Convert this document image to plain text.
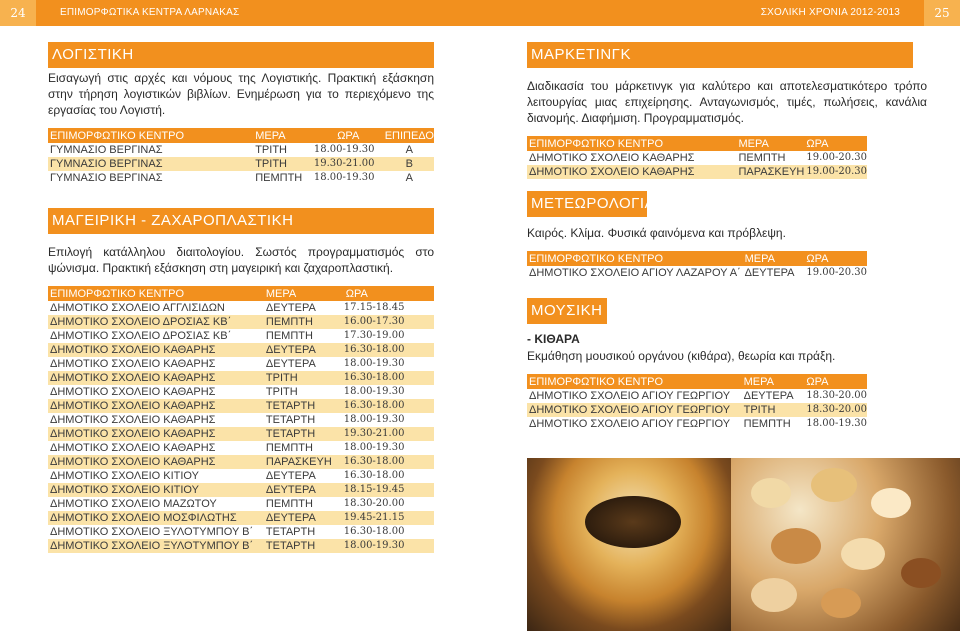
24	ΕΠΙΜΟΡΦΩΤΙΚΑ ΚΕΝΤΡΑ ΛΑΡΝΑΚΑΣ	ΣΧΟΛΙΚΗ ΧΡΟΝΙΑ 2012-2013	25
ΛΟΓΙΣΤΙΚΗ

Εισαγωγή στις αρχές και νόμους της Λογιστικής. Πρακτική εξάσκηση στην τήρηση λογιστικών βιβλίων. Ενημέρωση για το περιεχόμενο της εργασίας του Λογιστή.

ΕΠΙΜΟΡΦΩΤΙΚΟ ΚΕΝΤΡΟ	ΜΕΡΑ	ΩΡΑ	ΕΠΙΠΕΔΟ
ΓΥΜΝΑΣΙΟ ΒΕΡΓΙΝΑΣ	ΤΡΙΤΗ	18.00-19.30	Α
ΓΥΜΝΑΣΙΟ ΒΕΡΓΙΝΑΣ	ΤΡΙΤΗ	19.30-21.00	Β
ΓΥΜΝΑΣΙΟ ΒΕΡΓΙΝΑΣ	ΠΕΜΠΤΗ	18.00-19.30	Α
ΜΑΓΕΙΡΙΚΗ - ΖΑΧΑΡΟΠΛΑΣΤΙΚΗ

Επιλογή κατάλληλου διαιτολογίου. Σωστός προγραμματισμός στο ψώνισμα. Πρακτική εξάσκηση στη μαγειρική και ζαχαροπλαστική.

ΕΠΙΜΟΡΦΩΤΙΚΟ ΚΕΝΤΡΟ	ΜΕΡΑ	ΩΡΑ
ΔΗΜΟΤΙΚΟ ΣΧΟΛΕΙΟ ΑΓΓΛΙΣΙΔΩΝ	ΔΕΥΤΕΡΑ	17.15-18.45
ΔΗΜΟΤΙΚΟ ΣΧΟΛΕΙΟ ΔΡΟΣΙΑΣ ΚΒ΄	ΠΕΜΠΤΗ	16.00-17.30
ΔΗΜΟΤΙΚΟ ΣΧΟΛΕΙΟ ΔΡΟΣΙΑΣ ΚΒ΄	ΠΕΜΠΤΗ	17.30-19.00
ΔΗΜΟΤΙΚΟ ΣΧΟΛΕΙΟ ΚΑΘΑΡΗΣ	ΔΕΥΤΕΡΑ	16.30-18.00
ΔΗΜΟΤΙΚΟ ΣΧΟΛΕΙΟ ΚΑΘΑΡΗΣ	ΔΕΥΤΕΡΑ	18.00-19.30
ΔΗΜΟΤΙΚΟ ΣΧΟΛΕΙΟ ΚΑΘΑΡΗΣ	ΤΡΙΤΗ	16.30-18.00
ΔΗΜΟΤΙΚΟ ΣΧΟΛΕΙΟ ΚΑΘΑΡΗΣ	ΤΡΙΤΗ	18.00-19.30
ΔΗΜΟΤΙΚΟ ΣΧΟΛΕΙΟ ΚΑΘΑΡΗΣ	ΤΕΤΑΡΤΗ	16.30-18.00
ΔΗΜΟΤΙΚΟ ΣΧΟΛΕΙΟ ΚΑΘΑΡΗΣ	ΤΕΤΑΡΤΗ	18.00-19.30
ΔΗΜΟΤΙΚΟ ΣΧΟΛΕΙΟ ΚΑΘΑΡΗΣ	ΤΕΤΑΡΤΗ	19.30-21.00
ΔΗΜΟΤΙΚΟ ΣΧΟΛΕΙΟ ΚΑΘΑΡΗΣ	ΠΕΜΠΤΗ	18.00-19.30
ΔΗΜΟΤΙΚΟ ΣΧΟΛΕΙΟ ΚΑΘΑΡΗΣ	ΠΑΡΑΣΚΕΥΗ	16.30-18.00
ΔΗΜΟΤΙΚΟ ΣΧΟΛΕΙΟ ΚΙΤΙΟΥ	ΔΕΥΤΕΡΑ	16.30-18.00
ΔΗΜΟΤΙΚΟ ΣΧΟΛΕΙΟ ΚΙΤΙΟΥ	ΔΕΥΤΕΡΑ	18.15-19.45
ΔΗΜΟΤΙΚΟ ΣΧΟΛΕΙΟ ΜΑΖΩΤΟΥ	ΠΕΜΠΤΗ	18.30-20.00
ΔΗΜΟΤΙΚΟ ΣΧΟΛΕΙΟ ΜΟΣΦΙΛΩΤΗΣ	ΔΕΥΤΕΡΑ	19.45-21.15
ΔΗΜΟΤΙΚΟ ΣΧΟΛΕΙΟ ΞΥΛΟΤΥΜΠΟΥ Β΄	ΤΕΤΑΡΤΗ	16.30-18.00
ΔΗΜΟΤΙΚΟ ΣΧΟΛΕΙΟ ΞΥΛΟΤΥΜΠΟΥ Β΄	ΤΕΤΑΡΤΗ	18.00-19.30
ΜΑΡΚΕΤΙΝΓΚ

Διαδικασία του μάρκετινγκ για καλύτερο και αποτελεσματικότερο τρόπο λειτουργίας μιας επιχείρησης. Ανταγωνισμός, τιμές, πωλήσεις, κανάλια διανομής. Διαφήμιση. Προγραμματισμός.

ΕΠΙΜΟΡΦΩΤΙΚΟ ΚΕΝΤΡΟ	ΜΕΡΑ	ΩΡΑ
ΔΗΜΟΤΙΚΟ ΣΧΟΛΕΙΟ ΚΑΘΑΡΗΣ	ΠΕΜΠΤΗ	19.00-20.30
ΔΗΜΟΤΙΚΟ ΣΧΟΛΕΙΟ ΚΑΘΑΡΗΣ	ΠΑΡΑΣΚΕΥΗ	19.00-20.30
ΜΕΤΕΩΡΟΛΟΓΙΑ

Καιρός. Κλίμα. Φυσικά φαινόμενα και πρόβλεψη.

ΕΠΙΜΟΡΦΩΤΙΚΟ ΚΕΝΤΡΟ	ΜΕΡΑ	ΩΡΑ
ΔΗΜΟΤΙΚΟ ΣΧΟΛΕΙΟ ΑΓΙΟΥ ΛΑΖΑΡΟΥ Α΄	ΔΕΥΤΕΡΑ	19.00-20.30
ΜΟΥΣΙΚΗ
- ΚΙΘΑΡΑ

Εκμάθηση μουσικού οργάνου (κιθάρα), θεωρία και πράξη.

ΕΠΙΜΟΡΦΩΤΙΚΟ ΚΕΝΤΡΟ	ΜΕΡΑ	ΩΡΑ
ΔΗΜΟΤΙΚΟ ΣΧΟΛΕΙΟ ΑΓΙΟΥ ΓΕΩΡΓΙΟΥ	ΔΕΥΤΕΡΑ	18.30-20.00
ΔΗΜΟΤΙΚΟ ΣΧΟΛΕΙΟ ΑΓΙΟΥ ΓΕΩΡΓΙΟΥ	ΤΡΙΤΗ	18.30-20.00
ΔΗΜΟΤΙΚΟ ΣΧΟΛΕΙΟ ΑΓΙΟΥ ΓΕΩΡΓΙΟΥ	ΠΕΜΠΤΗ	18.00-19.30
